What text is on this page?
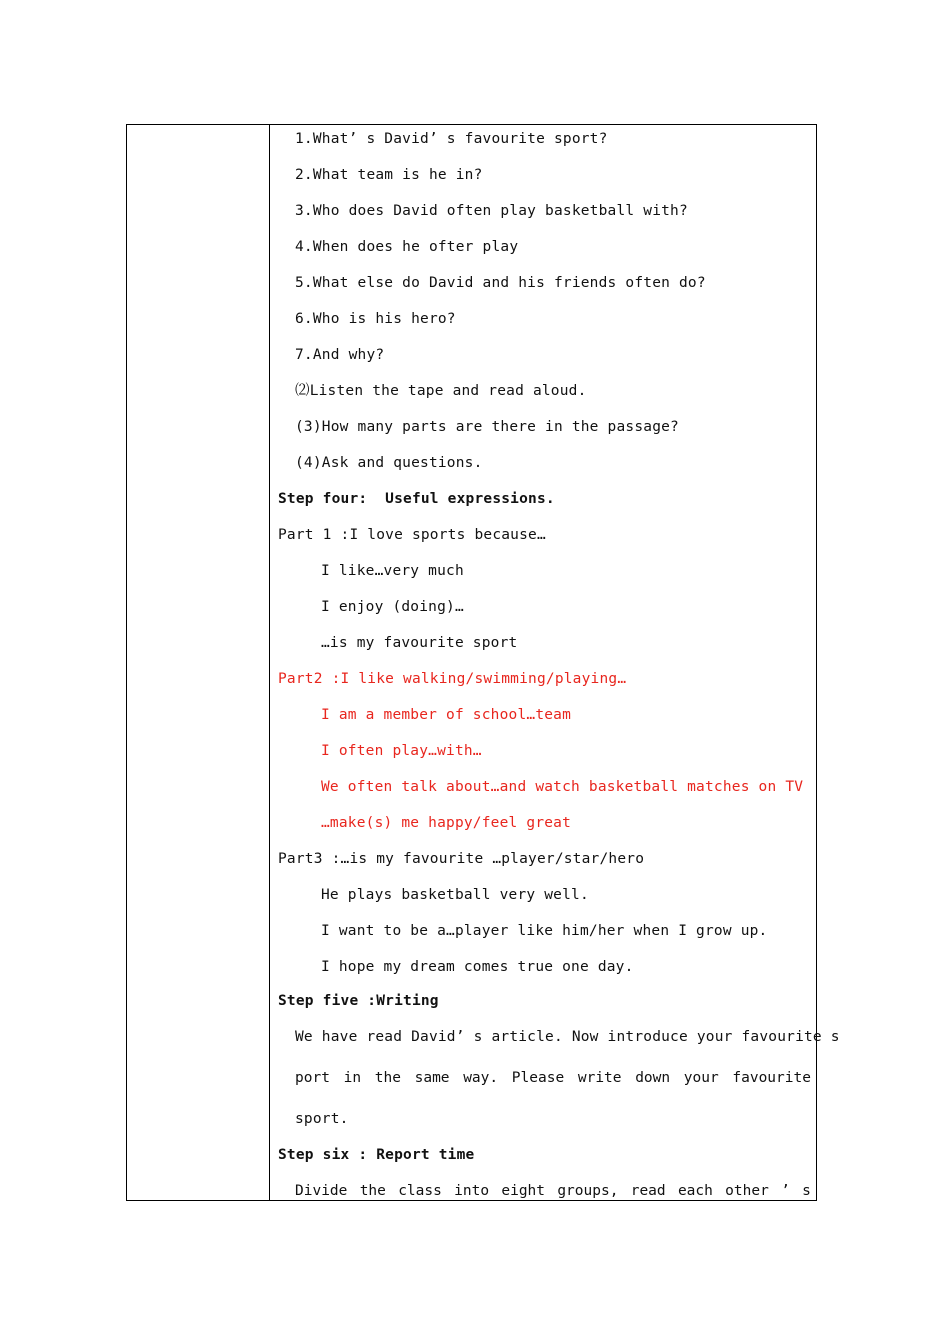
1.What’ s David’ s favourite sport?
2.What team is he in?
3.Who does David often play basketball with?
4.When does he ofter play
5.What else do David and his friends often do?
6.Who is his hero?
7.And why?
⑵Listen the tape and read aloud.
(3)How many parts are there in the passage?
(4)Ask and questions.
Step four:  Useful expressions.
Part 1 :I love sports because…
I like…very much
I enjoy (doing)…
…is my favourite sport
Part2 :I like walking/swimming/playing…
I am a member of school…team
I often play…with…
We often talk about…and watch basketball matches on TV
…make(s) me happy/feel great
Part3 :…is my favourite …player/star/hero
He plays basketball very well.
I want to be a…player like him/her when I grow up.
I hope my dream comes true one day.
Step five :Writing
We have read David’ s article. Now introduce your favourite s
port in the same way. Please write down your favourite
sport.
Step six : Report time
Divide the class into eight groups, read each other ’ s
